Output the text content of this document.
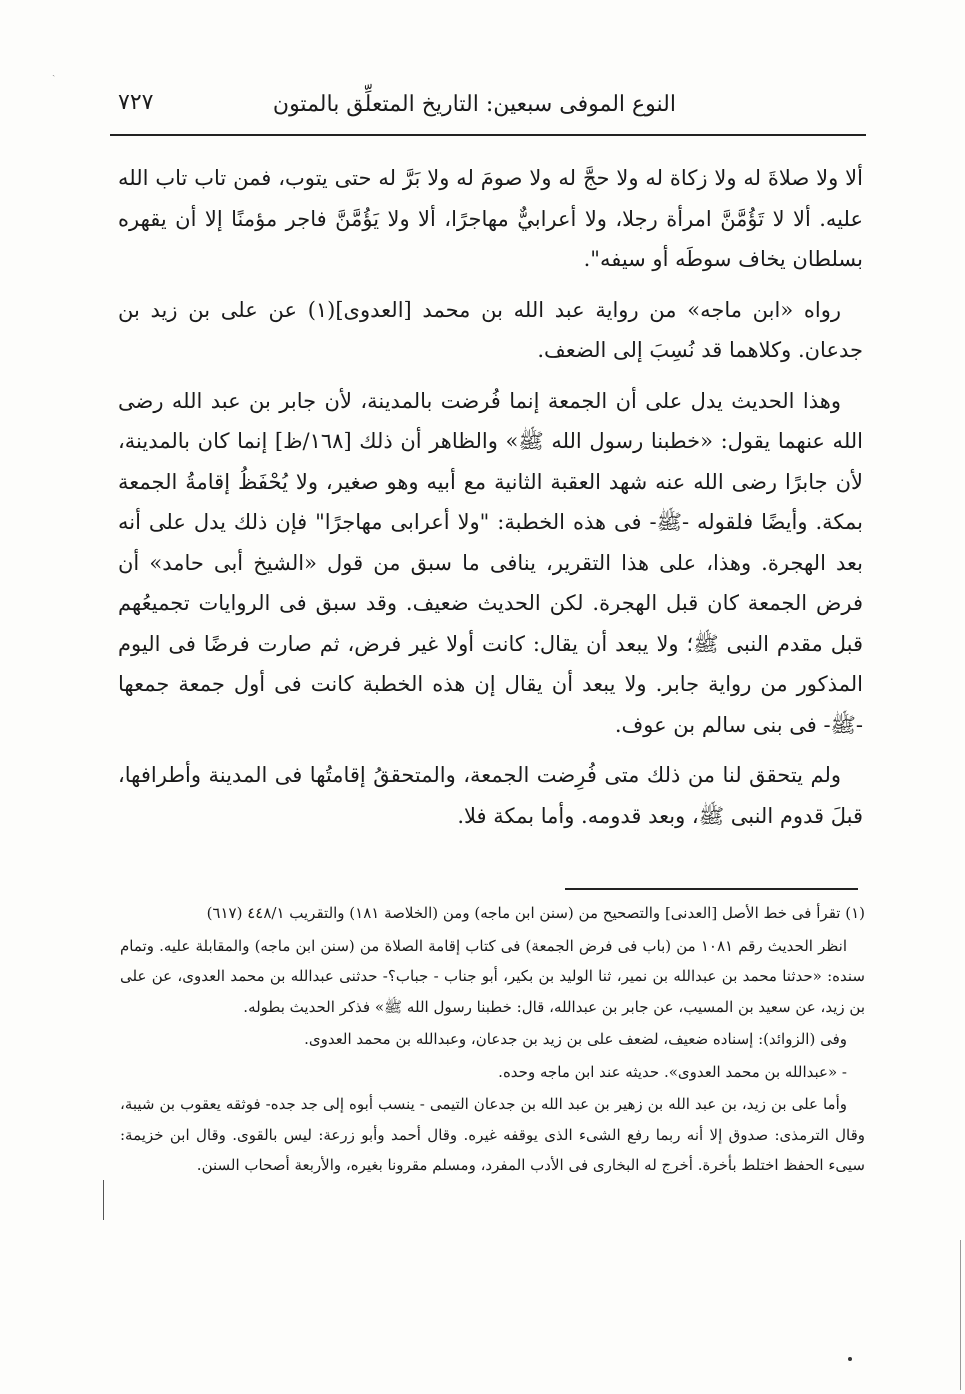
ˎ
النوع الموفى سبعين: التاريخ المتعلِّق بالمتون
٧٢٧

ألا ولا صلاةَ له ولا زكاة له ولا حجَّ له ولا صومَ له ولا بَرَّ له حتى يتوب، فمن تاب تاب الله عليه. ألا لا تَؤُمَّنَّ امرأة رجلا، ولا أعرابيٌّ مهاجرًا، ألا ولا يَؤُمَّنَّ فاجر مؤمنًا إلا أن يقهره بسلطان يخاف سوطَه أو سيفه".

رواه «ابن ماجه» من رواية عبد الله بن محمد [العدوى](١) عن على بن زيد بن جدعان. وكلاهما قد نُسِبَ إلى الضعف.

وهذا الحديث يدل على أن الجمعة إنما فُرضت بالمدينة، لأن جابر بن عبد الله رضى الله عنهما يقول: «خطبنا رسول الله ﷺ» والظاهر أن ذلك [١٦٨/ظ] إنما كان بالمدينة، لأن جابرًا رضى الله عنه شهد العقبة الثانية مع أبيه وهو صغير، ولا يُحْفَظُ إقامةُ الجمعة بمكة. وأيضًا فلقوله -ﷺ- فى هذه الخطبة: "ولا أعرابى مهاجرًا" فإن ذلك يدل على أنه بعد الهجرة. وهذا، على هذا التقرير، ينافى ما سبق من قول «الشيخ أبى حامد» أن فرض الجمعة كان قبل الهجرة. لكن الحديث ضعيف. وقد سبق فى الروايات تجميعُهم قبل مقدم النبى ﷺ؛ ولا يبعد أن يقال: كانت أولا غير فرض، ثم صارت فرضًا فى اليوم المذكور من رواية جابر. ولا يبعد أن يقال إن هذه الخطبة كانت فى أول جمعة جمعها -ﷺ- فى بنى سالم بن عوف.

ولم يتحقق لنا من ذلك متى فُرِضت الجمعة، والمتحققُ إقامتُها فى المدينة وأطرافها، قبلَ قدوم النبى ﷺ، وبعد قدومه. وأما بمكة فلا.

(١) تقرأ فى خط الأصل [العدنى] والتصحيح من (سنن ابن ماجه) ومن (الخلاصة ١٨١) والتقريب ٤٤٨/١ (٦١٧)

انظر الحديث رقم ١٠٨١ من (باب فى فرض الجمعة) فى كتاب إقامة الصلاة من (سنن ابن ماجه) والمقابلة عليه. وتمام سنده: «حدثنا محمد بن عبدالله بن نمير، ثنا الوليد بن بكير، أبو جناب - جباب؟- حدثنى عبدالله بن محمد العدوى، عن على بن زيد، عن سعيد بن المسيب، عن جابر بن عبدالله، قال: خطبنا رسول الله ﷺ» فذكر الحديث بطوله.

وفى (الزوائد): إسناده ضعيف، لضعف على بن زيد بن جدعان، وعبدالله بن محمد العدوى.

- «عبدالله بن محمد العدوى». حديثه عند ابن ماجه وحده.

وأما على بن زيد، بن عبد الله بن زهير بن عبد الله بن جدعان التيمى - ينسب أبوه إلى جد جده- فوثقه يعقوب بن شيبة، وقال الترمذى: صدوق إلا أنه ربما رفع الشىء الذى يوقفه غيره. وقال أحمد وأبو زرعة: ليس بالقوى. وقال ابن خزيمة: سيىء الحفظ اختلط بأخرة. أخرج له البخارى فى الأدب المفرد، ومسلم مقرونا بغيره، والأربعة أصحاب السنن.
